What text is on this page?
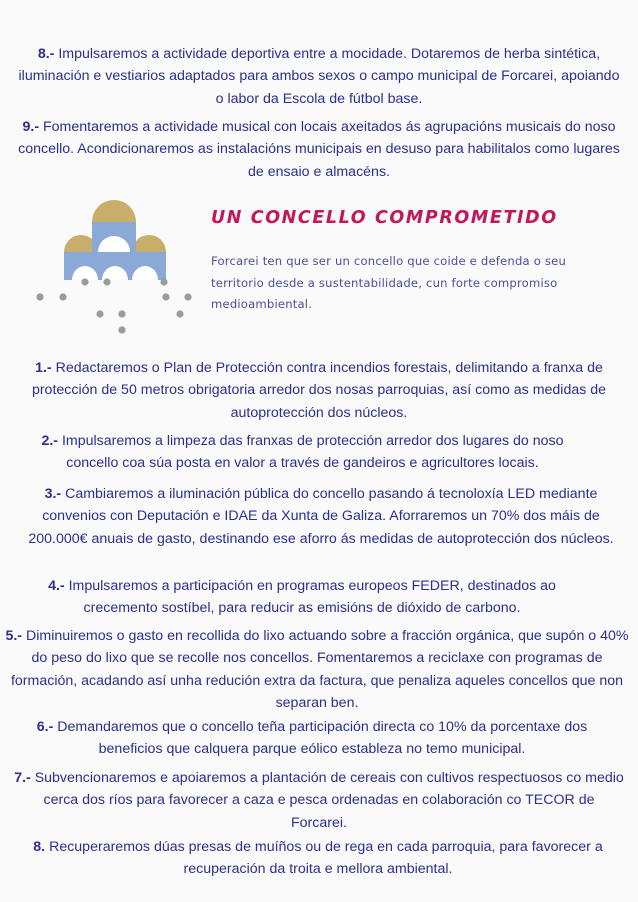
8.- Impulsaremos a actividade deportiva entre a mocidade. Dotaremos de herba sintética, iluminación e vestiarios adaptados para ambos sexos o campo municipal de Forcarei, apoiando o labor da Escola de fútbol base.

9.- Fomentaremos a actividade musical con locais axeitados ás agrupacións musicais do noso concello. Acondicionaremos as instalacións municipais en desuso para habilitalos como lugares de ensaio e almacéns.

UN CONCELLO COMPROMETIDO
Forcarei ten que ser un concello que coide e defenda o seu territorio desde a sustentabilidade, cun forte compromiso medioambiental.

1.- Redactaremos o Plan de Protección contra incendios forestais, delimitando a franxa de protección de 50 metros obrigatoria arredor dos nosas parroquias, así como as medidas de autoprotección dos núcleos.

2.- Impulsaremos a limpeza das franxas de protección arredor dos lugares do noso concello coa súa posta en valor a través de gandeiros e agricultores locais.

3.- Cambiaremos a iluminación pública do concello pasando á tecnoloxía LED mediante convenios con Deputación e IDAE da Xunta de Galiza. Aforraremos un 70% dos máis de 200.000€ anuais de gasto, destinando ese aforro ás medidas de autoprotección dos núcleos.

4.- Impulsaremos a participación en programas europeos FEDER, destinados ao crecemento sostíbel, para reducir as emisións de dióxido de carbono.

5.- Diminuiremos o gasto en recollida do lixo actuando sobre a fracción orgánica, que supón o 40% do peso do lixo que se recolle nos concellos. Fomentaremos a reciclaxe con programas de formación, acadando así unha redución extra da factura, que penaliza aqueles concellos que non separan ben.

6.- Demandaremos que o concello teña participación directa co 10% da porcentaxe dos beneficios que calquera parque eólico estableza no temo municipal.

7.- Subvencionaremos e apoiaremos a plantación de cereais con cultivos respectuosos co medio cerca dos ríos para favorecer a caza e pesca ordenadas en colaboración co TECOR de Forcarei.

8. Recuperaremos dúas presas de muíños ou de rega en cada parroquia, para favorecer a recuperación da troita e mellora ambiental.
